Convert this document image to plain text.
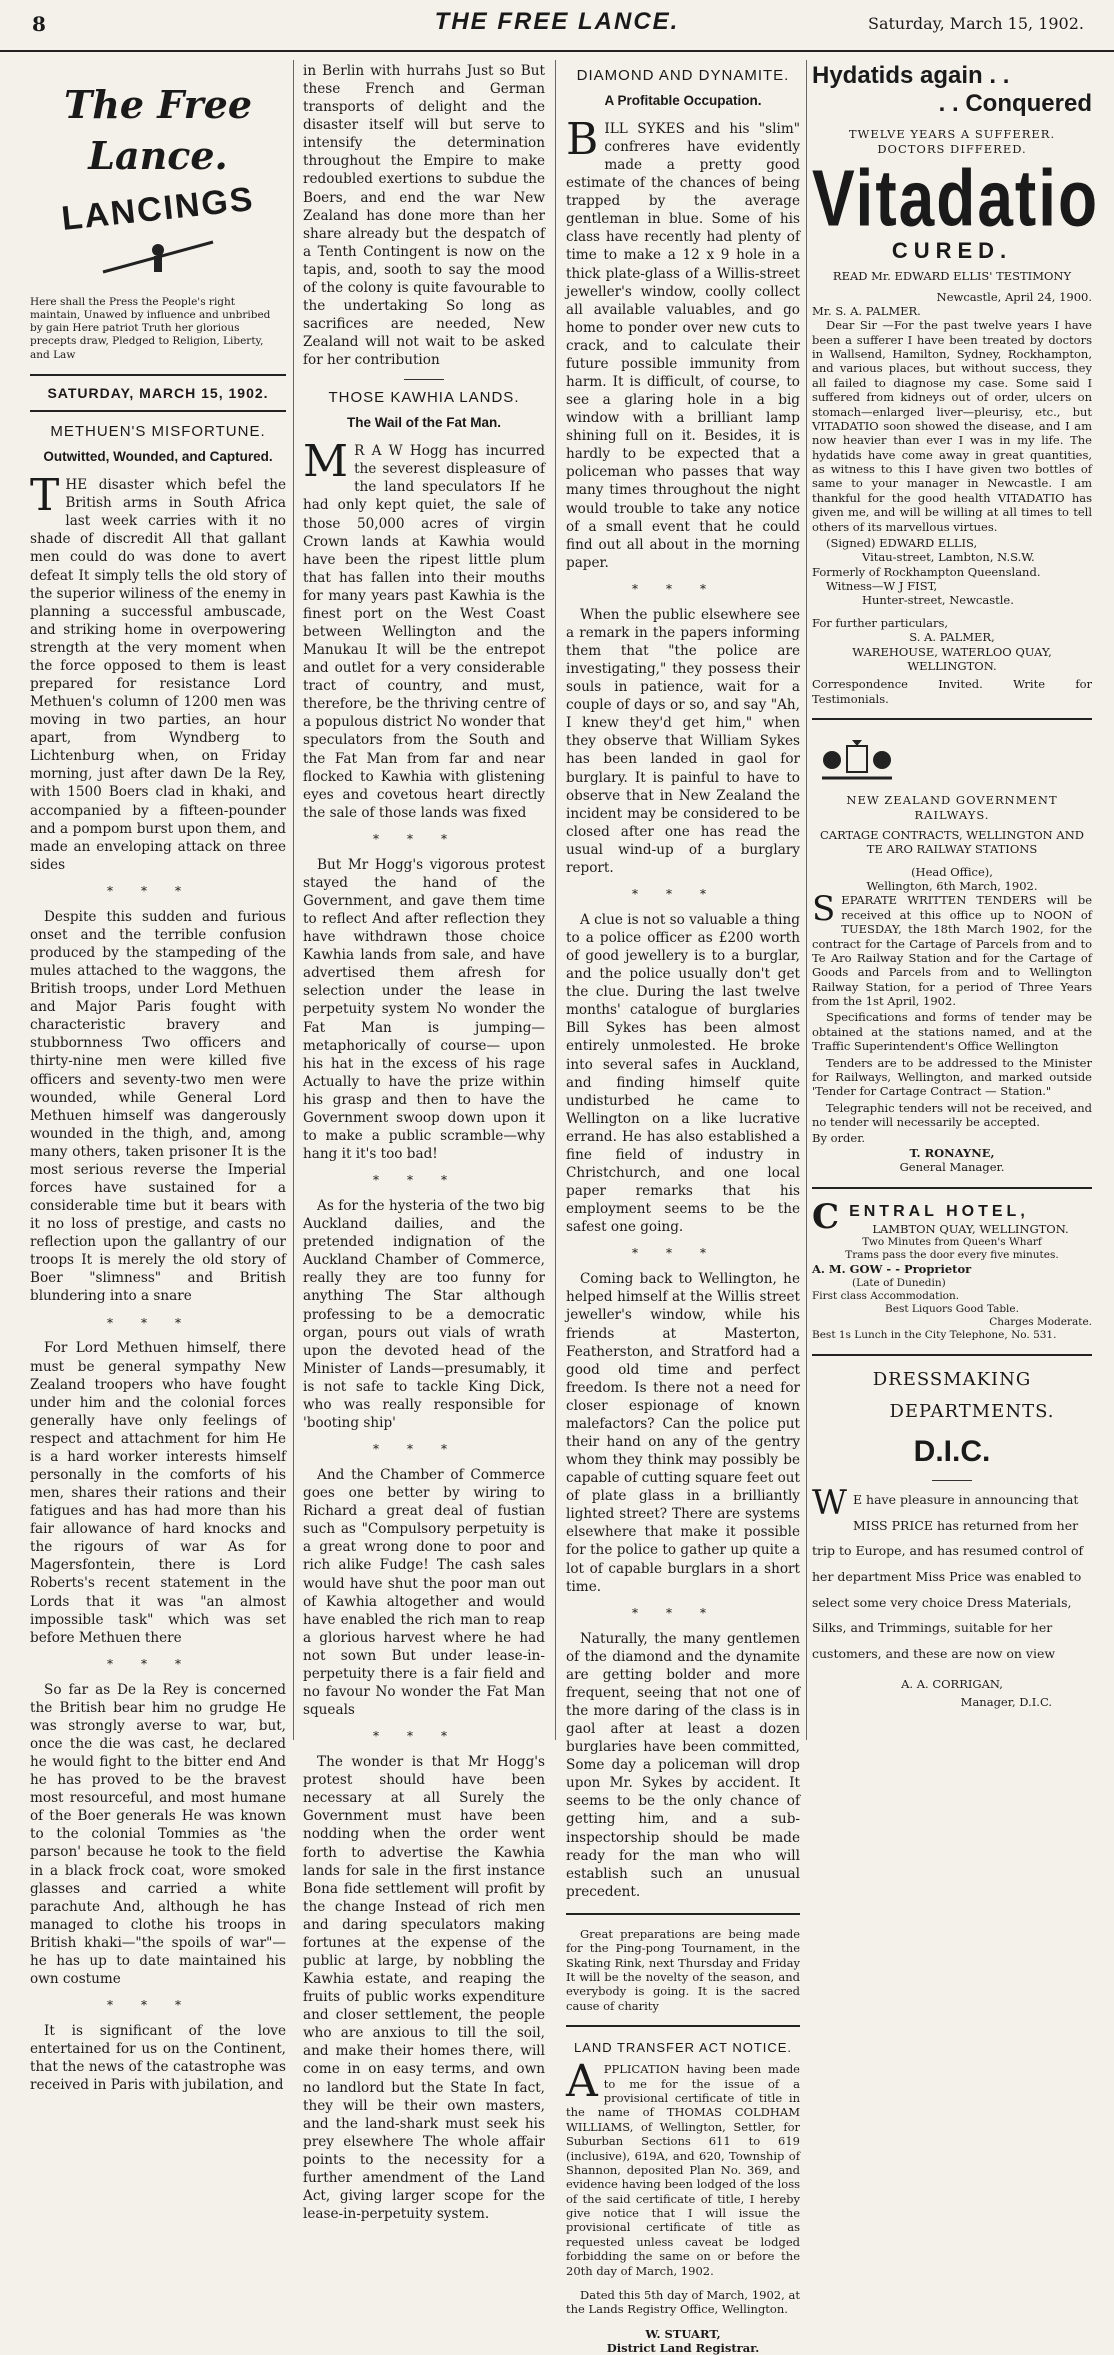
8	THE FREE LANCE.	Saturday, March 15, 1902.
The Free Lance.
LANCINGS
Here shall the Press the People's right maintain, Unawed by influence and unbribed by gain Here patriot Truth her glorious precepts draw, Pledged to Religion, Liberty, and Law
SATURDAY, MARCH 15, 1902.
METHUEN'S MISFORTUNE.
Outwitted, Wounded, and Captured.

THE disaster which befel the British arms in South Africa last week carries with it no shade of discredit All that gallant men could do was done to avert defeat It simply tells the old story of the superior wiliness of the enemy in planning a successful ambuscade, and striking home in overpowering strength at the very moment when the force opposed to them is least prepared for resistance Lord Methuen's column of 1200 men was moving in two parties, an hour apart, from Wyndberg to Lichtenburg when, on Friday morning, just after dawn De la Rey, with 1500 Boers clad in khaki, and accompanied by a fifteen-pounder and a pompom burst upon them, and made an enveloping attack on three sides

***

Despite this sudden and furious onset and the terrible confusion produced by the stampeding of the mules attached to the waggons, the British troops, under Lord Methuen and Major Paris fought with characteristic bravery and stubbornness Two officers and thirty-nine men were killed five officers and seventy-two men were wounded, while General Lord Methuen himself was dangerously wounded in the thigh, and, among many others, taken prisoner It is the most serious reverse the Imperial forces have sustained for a considerable time but it bears with it no loss of prestige, and casts no reflection upon the gallantry of our troops It is merely the old story of Boer "slimness" and British blundering into a snare

***

For Lord Methuen himself, there must be general sympathy New Zealand troopers who have fought under him and the colonial forces generally have only feelings of respect and attachment for him He is a hard worker interests himself personally in the comforts of his men, shares their rations and their fatigues and has had more than his fair allowance of hard knocks and the rigours of war As for Magersfontein, there is Lord Roberts's recent statement in the Lords that it was "an almost impossible task" which was set before Methuen there

***

So far as De la Rey is concerned the British bear him no grudge He was strongly averse to war, but, once the die was cast, he declared he would fight to the bitter end And he has proved to be the bravest most resourceful, and most humane of the Boer generals He was known to the colonial Tommies as 'the parson' because he took to the field in a black frock coat, wore smoked glasses and carried a white parachute And, although he has managed to clothe his troops in British khaki—"the spoils of war"—he has up to date maintained his own costume

***

It is significant of the love entertained for us on the Continent, that the news of the catastrophe was received in Paris with jubilation, and

in Berlin with hurrahs Just so But these French and German transports of delight and the disaster itself will but serve to intensify the determination throughout the Empire to make redoubled exertions to subdue the Boers, and end the war New Zealand has done more than her share already but the despatch of a Tenth Contingent is now on the tapis, and, sooth to say the mood of the colony is quite favourable to the undertaking So long as sacrifices are needed, New Zealand will not wait to be asked for her contribution

THOSE KAWHIA LANDS.
The Wail of the Fat Man.

M R A W Hogg has incurred the severest displeasure of the land speculators If he had only kept quiet, the sale of those 50,000 acres of virgin Crown lands at Kawhia would have been the ripest little plum that has fallen into their mouths for many years past Kawhia is the finest port on the West Coast between Wellington and the Manukau It will be the entrepot and outlet for a very considerable tract of country, and must, therefore, be the thriving centre of a populous district No wonder that speculators from the South and the Fat Man from far and near flocked to Kawhia with glistening eyes and covetous heart directly the sale of those lands was fixed

***

But Mr Hogg's vigorous protest stayed the hand of the Government, and gave them time to reflect And after reflection they have withdrawn those choice Kawhia lands from sale, and have advertised them afresh for selection under the lease in perpetuity system No wonder the Fat Man is jumping—metaphorically of course— upon his hat in the excess of his rage Actually to have the prize within his grasp and then to have the Government swoop down upon it to make a public scramble—why hang it it's too bad!

***

As for the hysteria of the two big Auckland dailies, and the pretended indignation of the Auckland Chamber of Commerce, really they are too funny for anything The Star although professing to be a democratic organ, pours out vials of wrath upon the devoted head of the Minister of Lands—presumably, it is not safe to tackle King Dick, who was really responsible for 'booting ship'

***

And the Chamber of Commerce goes one better by wiring to Richard a great deal of fustian such as "Compulsory perpetuity is a great wrong done to poor and rich alike Fudge! The cash sales would have shut the poor man out of Kawhia altogether and would have enabled the rich man to reap a glorious harvest where he had not sown But under lease-in-perpetuity there is a fair field and no favour No wonder the Fat Man squeals

***

The wonder is that Mr Hogg's protest should have been necessary at all Surely the Government must have been nodding when the order went forth to advertise the Kawhia lands for sale in the first instance Bona fide settlement will profit by the change Instead of rich men and daring speculators making fortunes at the expense of the public at large, by nobbling the Kawhia estate, and reaping the fruits of public works expenditure and closer settlement, the people who are anxious to till the soil, and make their homes there, will come in on easy terms, and own no landlord but the State In fact, they will be their own masters, and the land-shark must seek his prey elsewhere The whole affair points to the necessity for a further amendment of the Land Act, giving larger scope for the lease-in-perpetuity system.

DIAMOND AND DYNAMITE.
A Profitable Occupation.

BILL SYKES and his "slim" confreres have evidently made a pretty good estimate of the chances of being trapped by the average gentleman in blue. Some of his class have recently had plenty of time to make a 12 x 9 hole in a thick plate-glass of a Willis-street jeweller's window, coolly collect all available valuables, and go home to ponder over new cuts to crack, and to calculate their future possible immunity from harm. It is difficult, of course, to see a glaring hole in a big window with a brilliant lamp shining full on it. Besides, it is hardly to be expected that a policeman who passes that way many times throughout the night would trouble to take any notice of a small event that he could find out all about in the morning paper.

***

When the public elsewhere see a remark in the papers informing them that "the police are investigating," they possess their souls in patience, wait for a couple of days or so, and say "Ah, I knew they'd get him," when they observe that William Sykes has been landed in gaol for burglary. It is painful to have to observe that in New Zealand the incident may be considered to be closed after one has read the usual wind-up of a burglary report.

***

A clue is not so valuable a thing to a police officer as £200 worth of good jewellery is to a burglar, and the police usually don't get the clue. During the last twelve months' catalogue of burglaries Bill Sykes has been almost entirely unmolested. He broke into several safes in Auckland, and finding himself quite undisturbed he came to Wellington on a like lucrative errand. He has also established a fine field of industry in Christchurch, and one local paper remarks that his employment seems to be the safest one going.

***

Coming back to Wellington, he helped himself at the Willis street jeweller's window, while his friends at Masterton, Featherston, and Stratford had a good old time and perfect freedom. Is there not a need for closer espionage of known malefactors? Can the police put their hand on any of the gentry whom they think may possibly be capable of cutting square feet out of plate glass in a brilliantly lighted street? There are systems elsewhere that make it possible for the police to gather up quite a lot of capable burglars in a short time.

***

Naturally, the many gentlemen of the diamond and the dynamite are getting bolder and more frequent, seeing that not one of the more daring of the class is in gaol after at least a dozen burglaries have been committed, Some day a policeman will drop upon Mr. Sykes by accident. It seems to be the only chance of getting him, and a sub-inspectorship should be made ready for the man who will establish such an unusual precedent.

Great preparations are being made for the Ping-pong Tournament, in the Skating Rink, next Thursday and Friday It will be the novelty of the season, and everybody is going. It is the sacred cause of charity

LAND TRANSFER ACT NOTICE.

APPLICATION having been made to me for the issue of a provisional certificate of title in the name of THOMAS COLDHAM WILLIAMS, of Wellington, Settler, for Suburban Sections 611 to 619 (inclusive), 619A, and 620, Township of Shannon, deposited Plan No. 369, and evidence having been lodged of the loss of the said certificate of title, I hereby give notice that I will issue the provisional certificate of title as requested unless caveat be lodged forbidding the same on or before the 20th day of March, 1902.

Dated this 5th day of March, 1902, at the Lands Registry Office, Wellington.

W. STUART,
District Land Registrar.
Hydatids again . .
. . Conquered
TWELVE YEARS A SUFFERER.
DOCTORS DIFFERED.
Vitadatio
CURED.
READ Mr. EDWARD ELLIS' TESTIMONY
Newcastle, April 24, 1900.
Mr. S. A. PALMER.

Dear Sir —For the past twelve years I have been a sufferer I have been treated by doctors in Wallsend, Hamilton, Sydney, Rockhampton, and various places, but without success, they all failed to diagnose my case. Some said I suffered from kidneys out of order, ulcers on stomach—enlarged liver—pleurisy, etc., but VITADATIO soon showed the disease, and I am now heavier than ever I was in my life. The hydatids have come away in great quantities, as witness to this I have given two bottles of same to your manager in Newcastle. I am thankful for the good health VITADATIO has given me, and will be willing at all times to tell others of its marvellous virtues.

(Signed) EDWARD ELLIS,
Vitau-street, Lambton, N.S.W.
Formerly of Rockhampton Queensland.
Witness—W J FIST,
Hunter-street, Newcastle.
For further particulars,
S. A. PALMER,
WAREHOUSE, WATERLOO QUAY,
WELLINGTON.
Correspondence Invited. Write for Testimonials.
NEW ZEALAND GOVERNMENT RAILWAYS.
CARTAGE CONTRACTS, WELLINGTON AND TE ARO RAILWAY STATIONS
(Head Office),
Wellington, 6th March, 1902.

SEPARATE WRITTEN TENDERS will be received at this office up to NOON of TUESDAY, the 18th March 1902, for the contract for the Cartage of Parcels from and to Te Aro Railway Station and for the Cartage of Goods and Parcels from and to Wellington Railway Station, for a period of Three Years from the 1st April, 1902.

Specifications and forms of tender may be obtained at the stations named, and at the Traffic Superintendent's Office Wellington

Tenders are to be addressed to the Minister for Railways, Wellington, and marked outside 'Tender for Cartage Contract — Station."

Telegraphic tenders will not be received, and no tender will necessarily be accepted.

By order.
T. RONAYNE,
General Manager.
CENTRAL HOTEL,
LAMBTON QUAY, WELLINGTON.
Two Minutes from Queen's Wharf
Trams pass the door every five minutes.
A. M. GOW - - Proprietor
(Late of Dunedin)
First class Accommodation.
Best Liquors Good Table.
Charges Moderate.
Best 1s Lunch in the City Telephone, No. 531.
DRESSMAKING
DEPARTMENTS.
D.I.C.

W E have pleasure in announcing that MISS PRICE has returned from her trip to Europe, and has resumed control of her department Miss Price was enabled to select some very choice Dress Materials, Silks, and Trimmings, suitable for her customers, and these are now on view

A. A. CORRIGAN,
Manager, D.I.C.
